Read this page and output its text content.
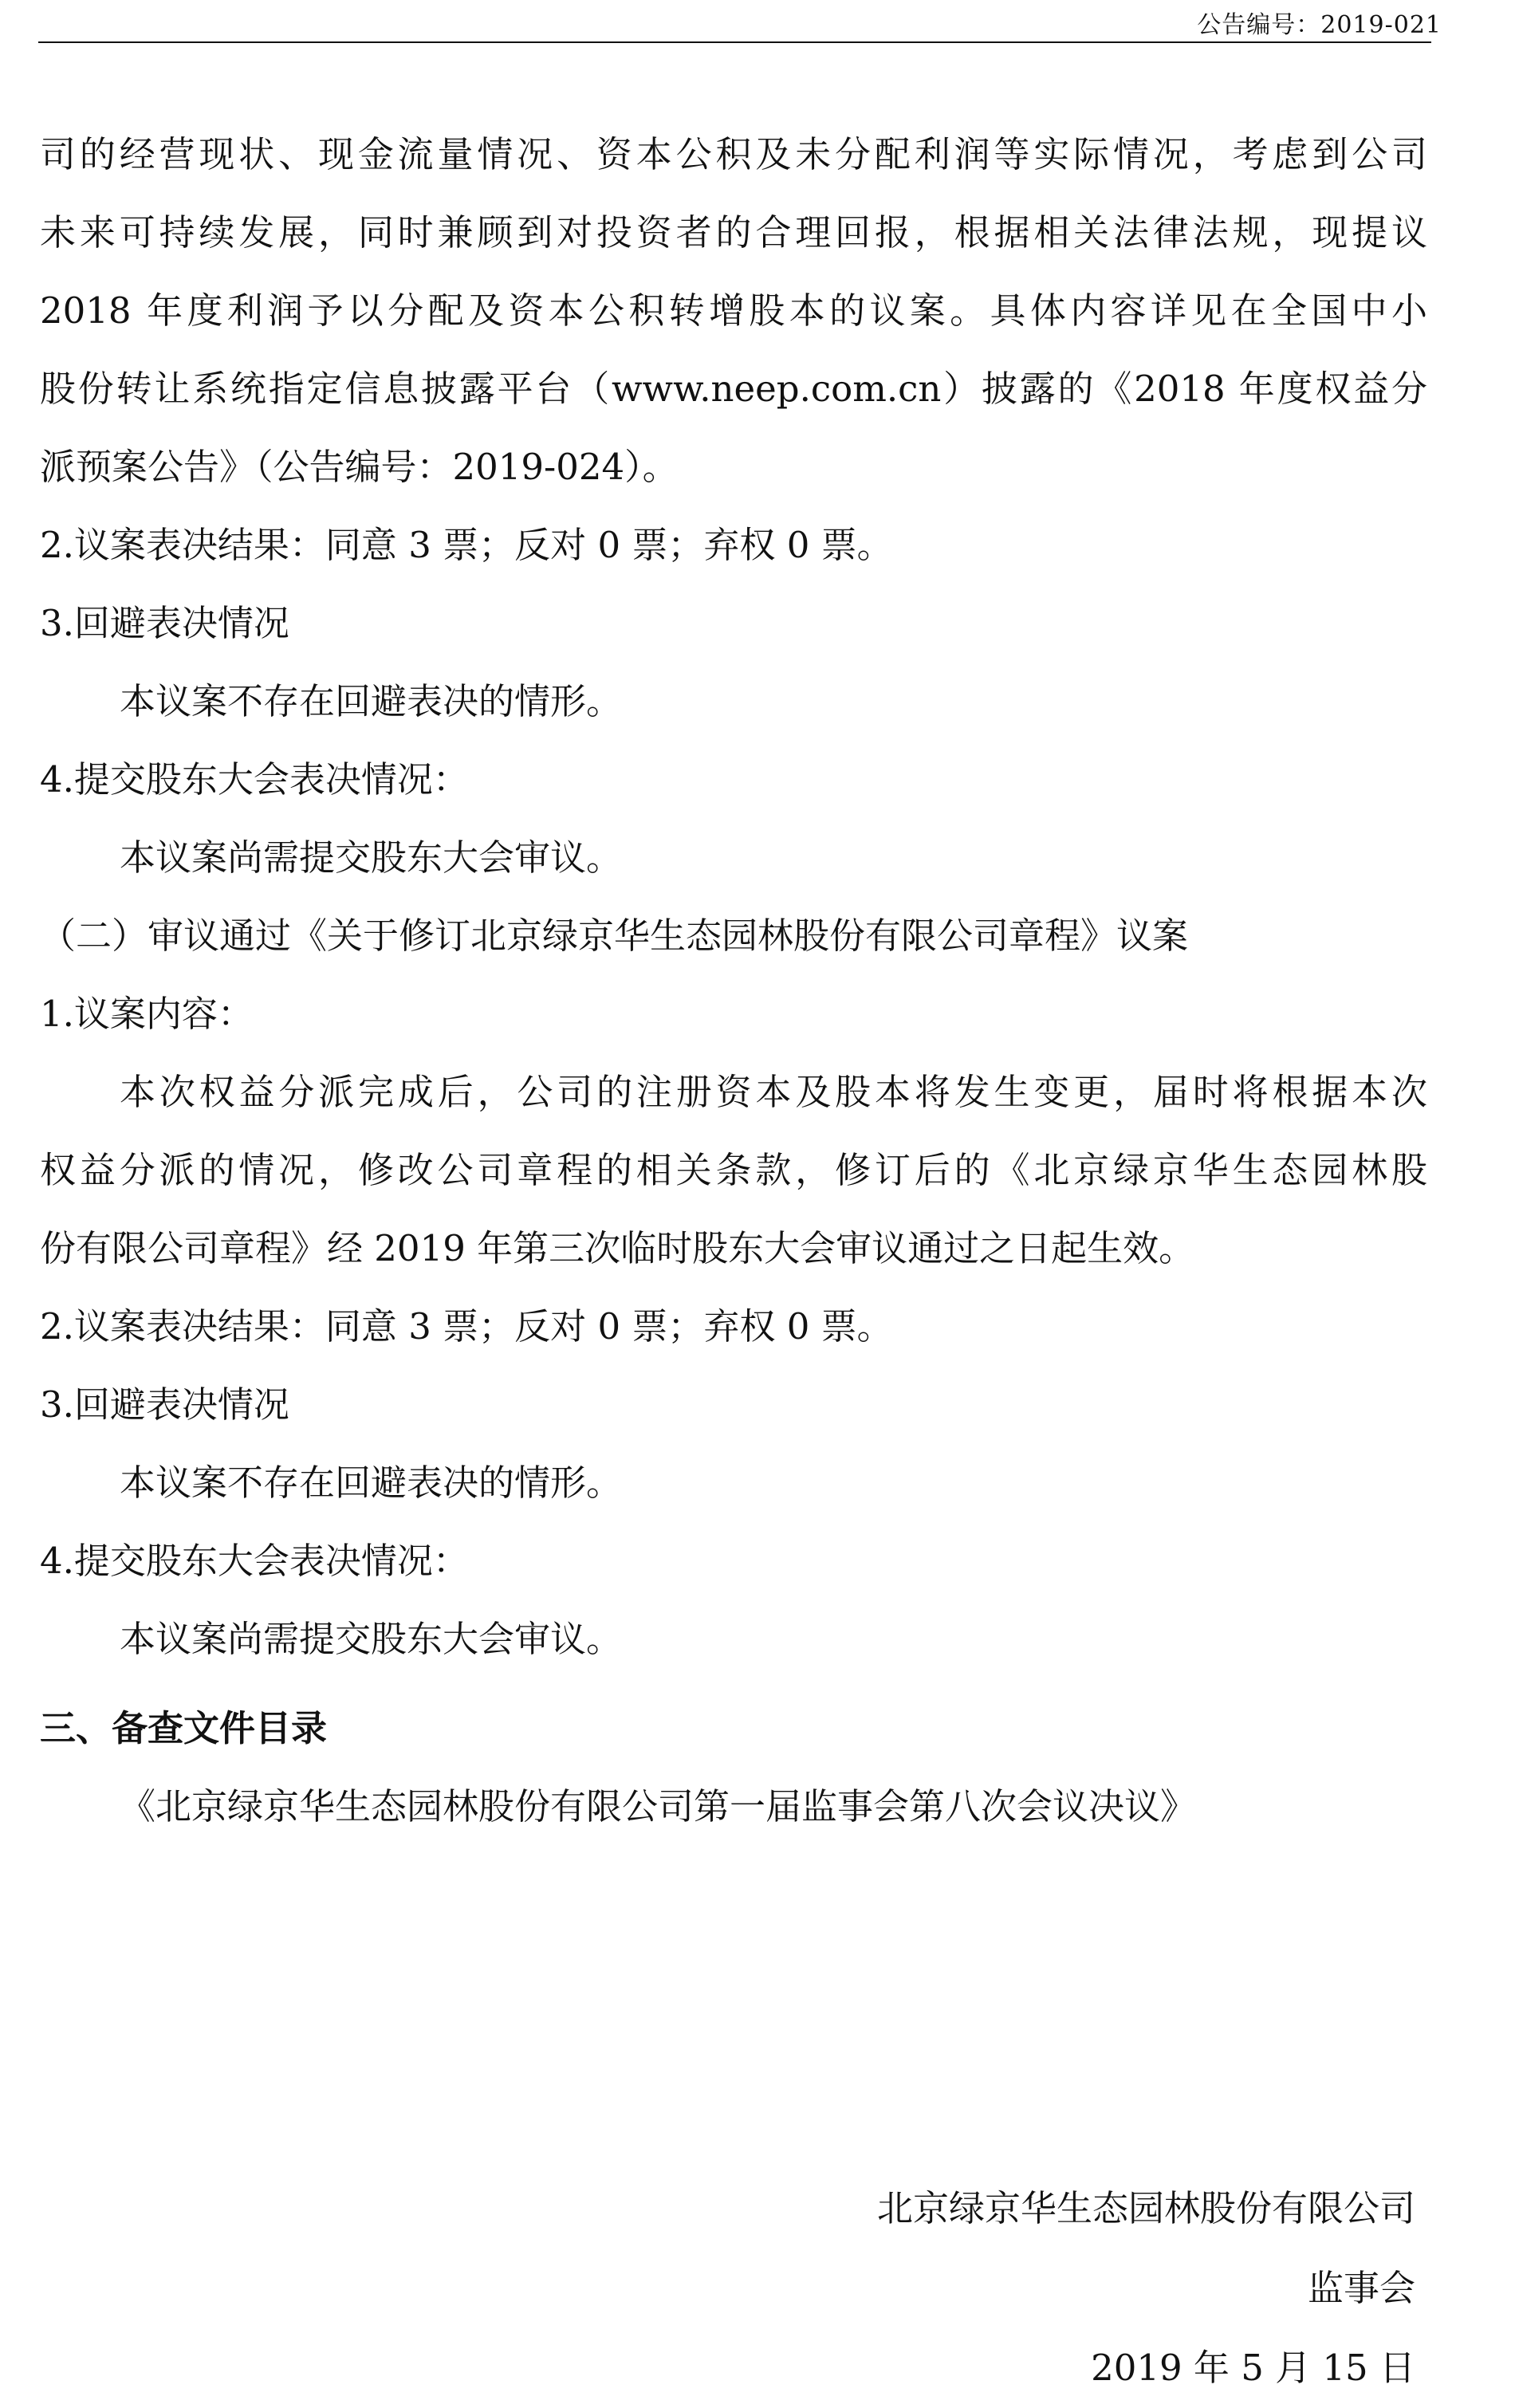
公告编号：2019-021
司的经营现状、现金流量情况、资本公积及未分配利润等实际情况，考虑到公司
未来可持续发展，同时兼顾到对投资者的合理回报，根据相关法律法规，现提议
2018 年度利润予以分配及资本公积转增股本的议案。具体内容详见在全国中小
股份转让系统指定信息披露平台（www.neep.com.cn）披露的《2018 年度权益分
派预案公告》（公告编号：2019-024）。
2.议案表决结果：同意 3 票；反对 0 票；弃权 0 票。
3.回避表决情况
本议案不存在回避表决的情形。
4.提交股东大会表决情况：
本议案尚需提交股东大会审议。
（二）审议通过《关于修订北京绿京华生态园林股份有限公司章程》议案
1.议案内容：
本次权益分派完成后，公司的注册资本及股本将发生变更，届时将根据本次
权益分派的情况，修改公司章程的相关条款，修订后的《北京绿京华生态园林股
份有限公司章程》经 2019 年第三次临时股东大会审议通过之日起生效。
2.议案表决结果：同意 3 票；反对 0 票；弃权 0 票。
3.回避表决情况
本议案不存在回避表决的情形。
4.提交股东大会表决情况：
本议案尚需提交股东大会审议。
三、备查文件目录
《北京绿京华生态园林股份有限公司第一届监事会第八次会议决议》
北京绿京华生态园林股份有限公司
监事会
2019 年 5 月 15 日
